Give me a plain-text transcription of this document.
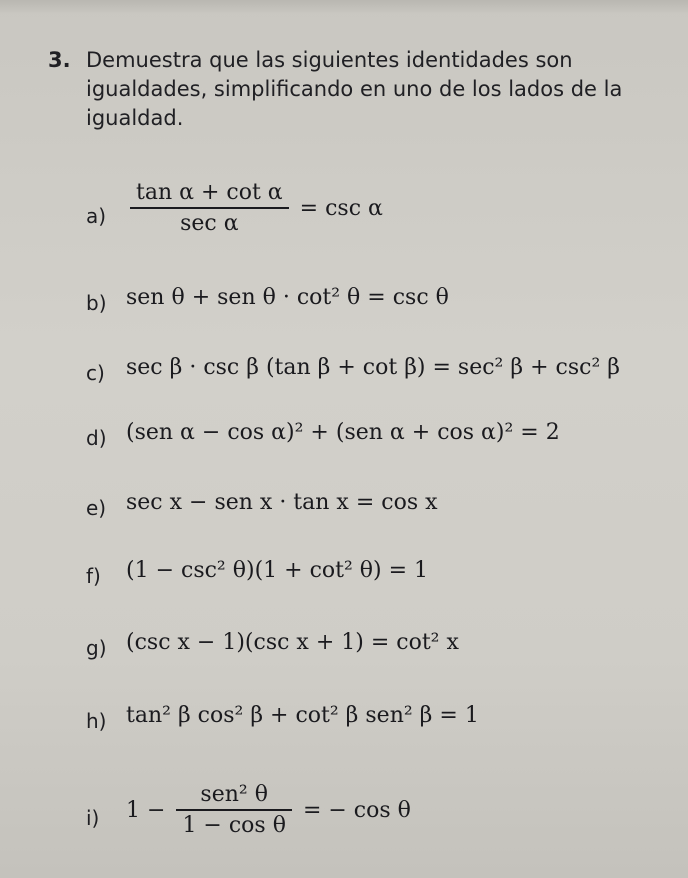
3. Demuestra que las siguientes identidades son igualdades, simplificando en uno de los lados de la igualdad.
$a) \frac{\text{tan α + cot α}}{\text{sec α}} = \csc \alpha$
b) sen θ + sen θ · cot² θ = csc θ
c) sec β · csc β (tan β + cot β) = sec² β + csc² β
d) (sen α − cos α)² + (sen α + cos α)² = 2
e) sec x − sen x · tan x = cos x
f) (1 − csc² θ)(1 + cot² θ) = 1
g) (csc x − 1)(csc x + 1) = cot² x
h) tan² β cos² β + cot² β sen² β = 1
i) $1 - \frac{\text{sen² θ}}{\text{1 − cos θ}}$ = − cos θ
